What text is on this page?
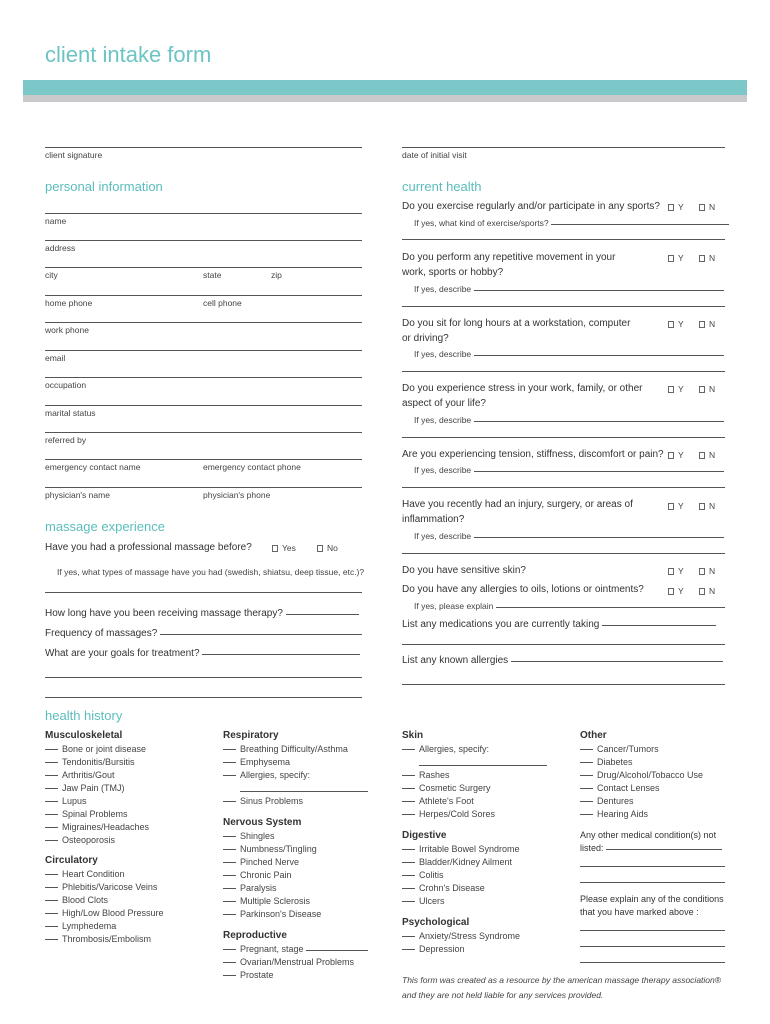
client intake form
client signature	date of initial visit
personal information
name
address
city	state	zip
home phone	cell phone
work phone
email
occupation
marital status
referred by
emergency contact name	emergency contact phone
physician's name	physician's phone
massage experience
Have you had a professional massage before?	Yes	No
If yes, what types of massage have you had (swedish, shiatsu, deep tissue, etc.)?
How long have you been receiving massage therapy?
Frequency of massages?
What are your goals for treatment?
current health
Do you exercise regularly and/or participate in any sports?	Y	N
If yes, what kind of exercise/sports?
Do you perform any repetitive movement in your
work, sports or hobby?
Y	N
If yes, describe
Do you sit for long hours at a workstation, computer
or driving?
Y	N
If yes, describe
Do you experience stress in your work, family, or other
aspect of your life?
Y	N
If yes, describe
Are you experiencing tension, stiffness, discomfort or pain?	Y	N
If yes, describe
Have you recently had an injury, surgery, or areas of
inflammation?
Y	N
If yes, describe
Do you have sensitive skin?	Y	N
Do you have any allergies to oils, lotions or ointments?	Y	N
If yes, please explain
List any medications you are currently taking
List any known allergies
health history
Musculoskeletal
Bone or joint disease
Tendonitis/Bursitis
Arthritis/Gout
Jaw Pain (TMJ)
Lupus
Spinal Problems
Migraines/Headaches
Osteoporosis
Circulatory
Heart Condition
Phlebitis/Varicose Veins
Blood Clots
High/Low Blood Pressure
Lymphedema
Thrombosis/Embolism
Respiratory
Breathing Difficulty/Asthma
Emphysema
Allergies, specify:
Sinus Problems
Nervous System
Shingles
Numbness/Tingling
Pinched Nerve
Chronic Pain
Paralysis
Multiple Sclerosis
Parkinson's Disease
Reproductive
Pregnant, stage
Ovarian/Menstrual Problems
Prostate
Skin
Allergies, specify:
Rashes
Cosmetic Surgery
Athlete's Foot
Herpes/Cold Sores
Digestive
Irritable Bowel Syndrome
Bladder/Kidney Ailment
Colitis
Crohn's Disease
Ulcers
Psychological
Anxiety/Stress Syndrome
Depression
Other
Cancer/Tumors
Diabetes
Drug/Alcohol/Tobacco Use
Contact Lenses
Dentures
Hearing Aids
Any other medical condition(s) not
listed:
Please explain any of the conditions
that you have marked above :
This form was created as a resource by the american massage therapy association®
and they are not held liable for any services provided.
